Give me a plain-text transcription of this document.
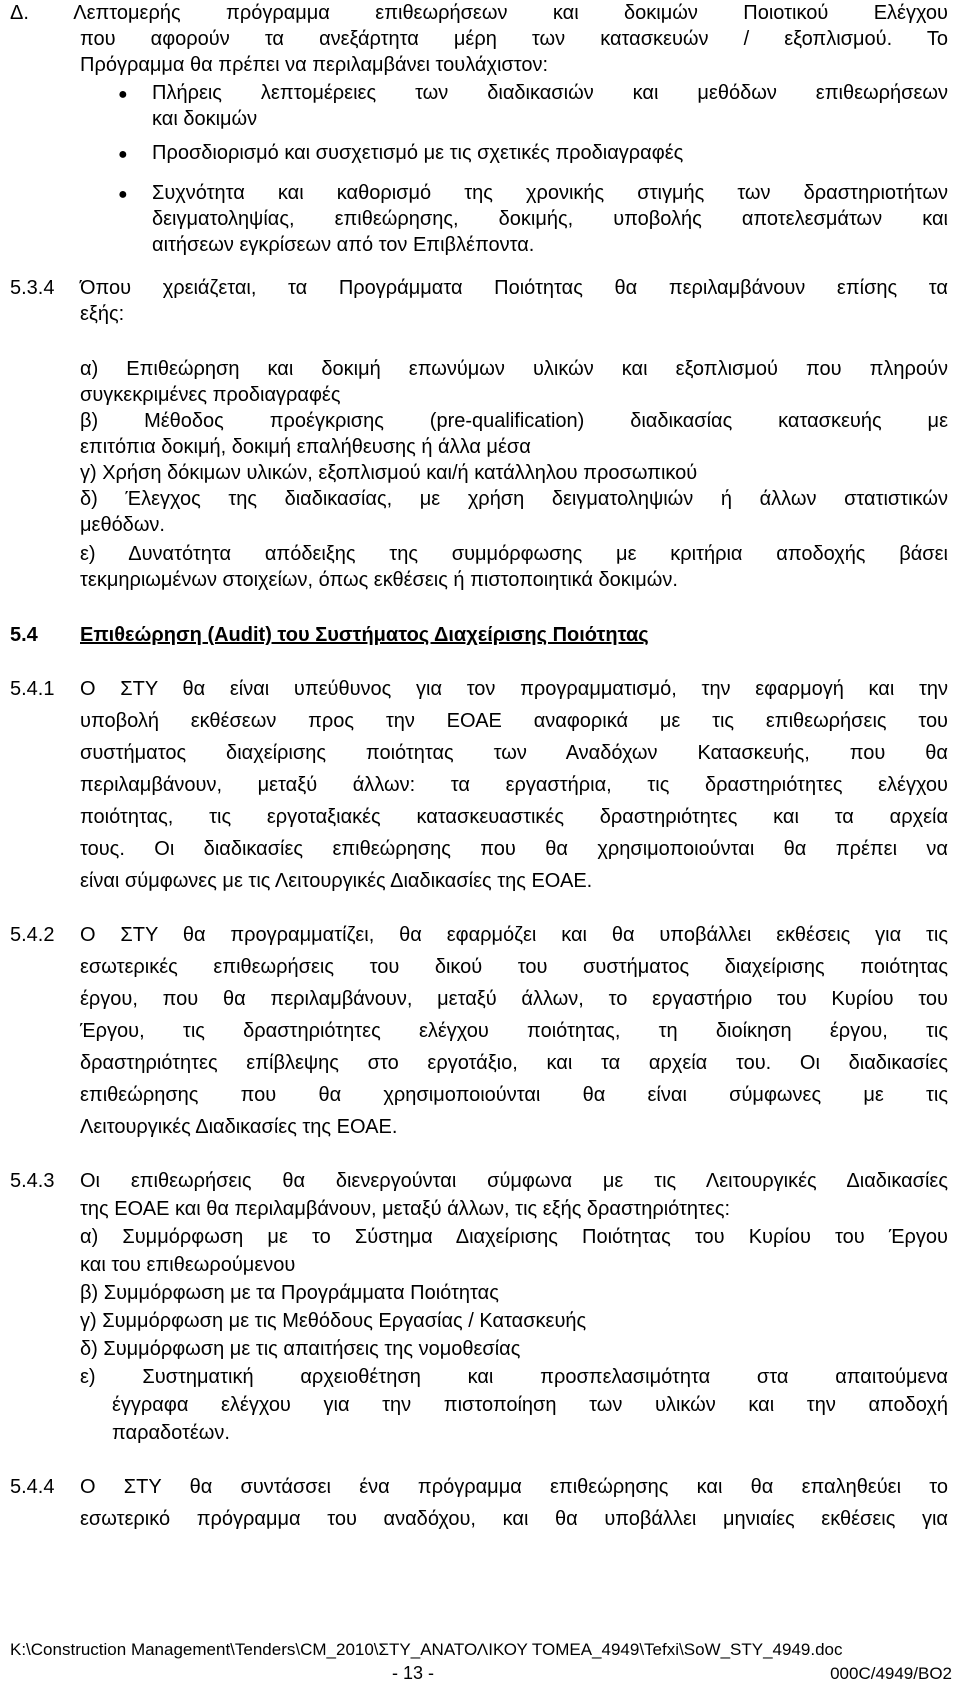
Δ. Λεπτομερής πρόγραμμα επιθεωρήσεων και δοκιμών Ποιοτικού Ελέγχου
που αφορούν τα ανεξάρτητα μέρη των κατασκευών / εξοπλισμού. Το
Πρόγραμμα θα πρέπει να περιλαμβάνει τουλάχιστον:
● Πλήρεις λεπτομέρειες των διαδικασιών και μεθόδων επιθεωρήσεων
και δοκιμών
● Προσδιορισμό και συσχετισμό με τις σχετικές προδιαγραφές
● Συχνότητα και καθορισμό της χρονικής στιγμής των δραστηριοτήτων
δειγματοληψίας, επιθεώρησης, δοκιμής, υποβολής αποτελεσμάτων και
αιτήσεων εγκρίσεων από τον Επιβλέποντα.
5.3.4 Όπου χρειάζεται, τα Προγράμματα Ποιότητας θα περιλαμβάνουν επίσης τα
εξής:
α) Επιθεώρηση και δοκιμή επωνύμων υλικών και εξοπλισμού που πληρούν
συγκεκριμένες προδιαγραφές
β) Μέθοδος προέγκρισης (pre-qualification) διαδικασίας κατασκευής με
επιτόπια δοκιμή, δοκιμή επαλήθευσης ή άλλα μέσα
γ) Χρήση δόκιμων υλικών, εξοπλισμού και/ή κατάλληλου προσωπικού
δ) Έλεγχος της διαδικασίας, με χρήση δειγματοληψιών ή άλλων στατιστικών
μεθόδων.
ε) Δυνατότητα απόδειξης της συμμόρφωσης με κριτήρια αποδοχής βάσει
τεκμηριωμένων στοιχείων, όπως εκθέσεις ή πιστοποιητικά δοκιμών.
5.4 Επιθεώρηση (Audit) του Συστήματος Διαχείρισης Ποιότητας
5.4.1 Ο ΣΤΥ θα είναι υπεύθυνος για τον προγραμματισμό, την εφαρμογή και την
υποβολή εκθέσεων προς την ΕΟΑΕ αναφορικά με τις επιθεωρήσεις του
συστήματος διαχείρισης ποιότητας των Αναδόχων Κατασκευής, που θα
περιλαμβάνουν, μεταξύ άλλων: τα εργαστήρια, τις δραστηριότητες ελέγχου
ποιότητας, τις εργοταξιακές κατασκευαστικές δραστηριότητες και τα αρχεία
τους. Οι διαδικασίες επιθεώρησης που θα χρησιμοποιούνται θα πρέπει να
είναι σύμφωνες με τις Λειτουργικές Διαδικασίες της ΕΟΑΕ.
5.4.2 Ο ΣΤΥ θα προγραμματίζει, θα εφαρμόζει και θα υποβάλλει εκθέσεις για τις
εσωτερικές επιθεωρήσεις του δικού του συστήματος διαχείρισης ποιότητας
έργου, που θα περιλαμβάνουν, μεταξύ άλλων, το εργαστήριο του Κυρίου του
Έργου, τις δραστηριότητες ελέγχου ποιότητας, τη διοίκηση έργου, τις
δραστηριότητες επίβλεψης στο εργοτάξιο, και τα αρχεία του. Οι διαδικασίες
επιθεώρησης που θα χρησιμοποιούνται θα είναι σύμφωνες με τις
Λειτουργικές Διαδικασίες της ΕΟΑΕ.
5.4.3 Οι επιθεωρήσεις θα διενεργούνται σύμφωνα με τις Λειτουργικές Διαδικασίες
της ΕΟΑΕ και θα περιλαμβάνουν, μεταξύ άλλων, τις εξής δραστηριότητες:
α) Συμμόρφωση με το Σύστημα Διαχείρισης Ποιότητας του Κυρίου του Έργου
και του επιθεωρούμενου
β) Συμμόρφωση με τα Προγράμματα Ποιότητας
γ) Συμμόρφωση με τις Μεθόδους Εργασίας / Κατασκευής
δ) Συμμόρφωση με τις απαιτήσεις της νομοθεσίας
ε) Συστηματική αρχειοθέτηση και προσπελασιμότητα στα απαιτούμενα
έγγραφα ελέγχου για την πιστοποίηση των υλικών και την αποδοχή
παραδοτέων.
5.4.4 Ο ΣΤΥ θα συντάσσει ένα πρόγραμμα επιθεώρησης και θα επαληθεύει το
εσωτερικό πρόγραμμα του αναδόχου, και θα υποβάλλει μηνιαίες εκθέσεις για
K:\Construction Management\Tenders\CM_2010\ΣΤΥ_ΑΝΑΤΟΛΙΚΟΥ ΤΟΜΕΑ_4949\Tefxi\SoW_STY_4949.doc
- 13 -	000C/4949/BO2
